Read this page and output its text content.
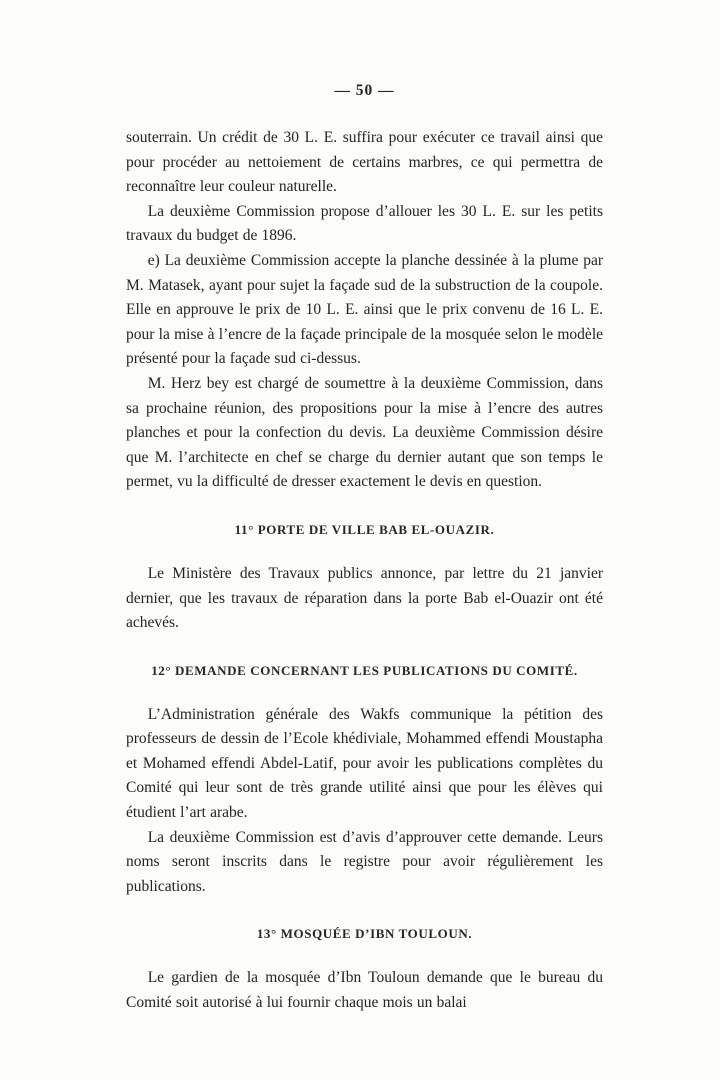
— 50 —

souterrain. Un crédit de 30 L. E. suffira pour exécuter ce travail ainsi que pour procéder au nettoiement de certains marbres, ce qui permettra de reconnaître leur couleur naturelle.

La deuxième Commission propose d’allouer les 30 L. E. sur les petits travaux du budget de 1896.

e) La deuxième Commission accepte la planche dessinée à la plume par M. Matasek, ayant pour sujet la façade sud de la substruction de la coupole. Elle en approuve le prix de 10 L. E. ainsi que le prix convenu de 16 L. E. pour la mise à l’encre de la façade principale de la mosquée selon le modèle présenté pour la façade sud ci-dessus.

M. Herz bey est chargé de soumettre à la deuxième Commission, dans sa prochaine réunion, des propositions pour la mise à l’encre des autres planches et pour la confection du devis. La deuxième Commission désire que M. l’architecte en chef se charge du dernier autant que son temps le permet, vu la difficulté de dresser exactement le devis en question.

11° PORTE DE VILLE BAB EL-OUAZIR.

Le Ministère des Travaux publics annonce, par lettre du 21 janvier dernier, que les travaux de réparation dans la porte Bab el-Ouazir ont été achevés.

12° DEMANDE CONCERNANT LES PUBLICATIONS DU COMITÉ.

L’Administration générale des Wakfs communique la pétition des professeurs de dessin de l’Ecole khédiviale, Mohammed effendi Moustapha et Mohamed effendi Abdel-Latif, pour avoir les publications complètes du Comité qui leur sont de très grande utilité ainsi que pour les élèves qui étudient l’art arabe.

La deuxième Commission est d’avis d’approuver cette demande. Leurs noms seront inscrits dans le registre pour avoir régulièrement les publications.

13° MOSQUÉE D’IBN TOULOUN.

Le gardien de la mosquée d’Ibn Touloun demande que le bureau du Comité soit autorisé à lui fournir chaque mois un balai
